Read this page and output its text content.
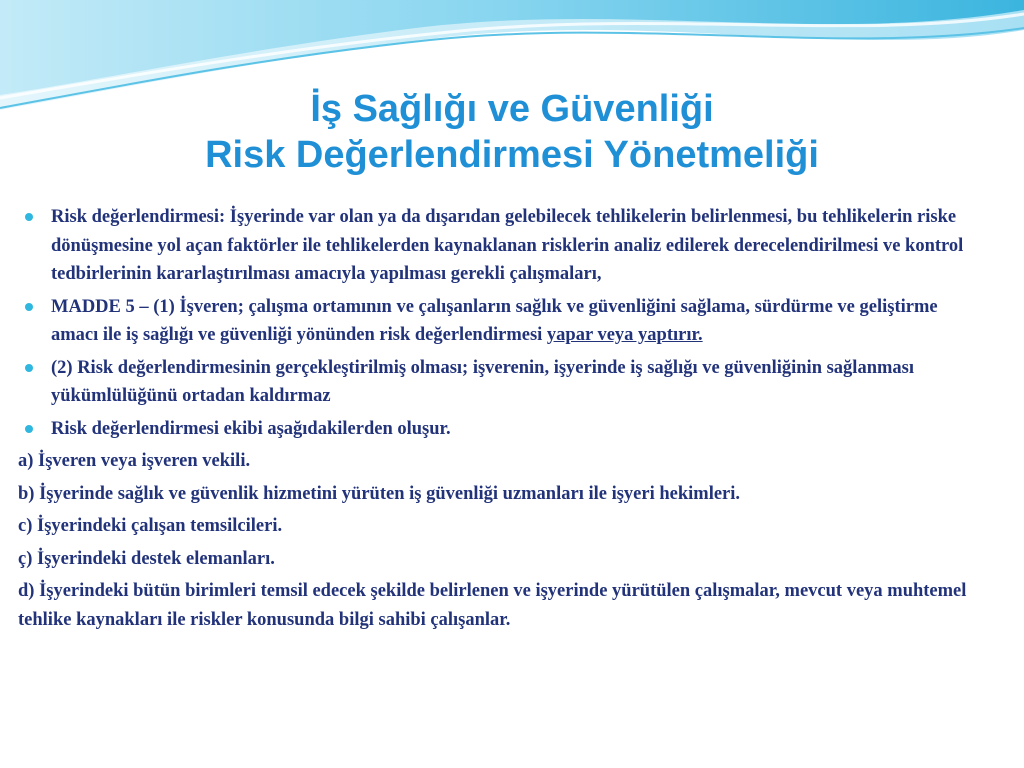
İş Sağlığı ve Güvenliği
Risk Değerlendirmesi Yönetmeliği
Risk değerlendirmesi: İşyerinde var olan ya da dışarıdan gelebilecek tehlikelerin belirlenmesi, bu tehlikelerin riske dönüşmesine yol açan faktörler ile tehlikelerden kaynaklanan risklerin analiz edilerek derecelendirilmesi ve kontrol tedbirlerinin kararlaştırılması amacıyla yapılması gerekli çalışmaları,
MADDE 5 – (1) İşveren; çalışma ortamının ve çalışanların sağlık ve güvenliğini sağlama, sürdürme ve geliştirme amacı ile iş sağlığı ve güvenliği yönünden risk değerlendirmesi yapar veya yaptırır.
(2) Risk değerlendirmesinin gerçekleştirilmiş olması; işverenin, işyerinde iş sağlığı ve güvenliğinin sağlanması yükümlülüğünü ortadan kaldırmaz
Risk değerlendirmesi ekibi aşağıdakilerden oluşur.
a) İşveren veya işveren vekili.
b) İşyerinde sağlık ve güvenlik hizmetini yürüten iş güvenliği uzmanları ile işyeri hekimleri.
c) İşyerindeki çalışan temsilcileri.
ç) İşyerindeki destek elemanları.
d) İşyerindeki bütün birimleri temsil edecek şekilde belirlenen ve işyerinde yürütülen çalışmalar, mevcut veya muhtemel tehlike kaynakları ile riskler konusunda bilgi sahibi çalışanlar.
